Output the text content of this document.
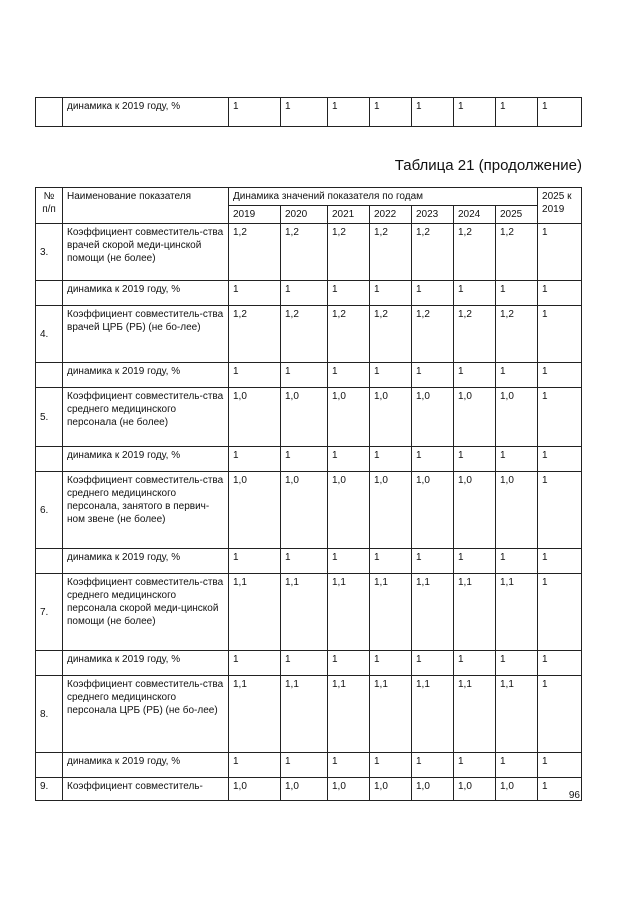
	динамика к 2019 году, %	1	1	1	1	1	1	1	1
Таблица 21 (продолжение)
№ п/п	Наименование показателя	Динамика значений показателя по годам							2025 к 2019
		2019	2020	2021	2022	2023	2024	2025	
3.	Коэффициент совместитель-ства врачей скорой меди-цинской помощи (не более)	1,2	1,2	1,2	1,2	1,2	1,2	1,2	1
	динамика к 2019 году, %	1	1	1	1	1	1	1	1
4.	Коэффициент совместитель-ства врачей ЦРБ (РБ) (не бо-лее)	1,2	1,2	1,2	1,2	1,2	1,2	1,2	1
	динамика к 2019 году, %	1	1	1	1	1	1	1	1
5.	Коэффициент совместитель-ства среднего медицинского персонала (не более)	1,0	1,0	1,0	1,0	1,0	1,0	1,0	1
	динамика к 2019 году, %	1	1	1	1	1	1	1	1
6.	Коэффициент совместитель-ства среднего медицинского персонала, занятого в первич-ном звене (не более)	1,0	1,0	1,0	1,0	1,0	1,0	1,0	1
	динамика к 2019 году, %	1	1	1	1	1	1	1	1
7.	Коэффициент совместитель-ства среднего медицинского персонала скорой меди-цинской помощи (не более)	1,1	1,1	1,1	1,1	1,1	1,1	1,1	1
	динамика к 2019 году, %	1	1	1	1	1	1	1	1
8.	Коэффициент совместитель-ства среднего медицинского персонала ЦРБ (РБ) (не бо-лее)	1,1	1,1	1,1	1,1	1,1	1,1	1,1	1
	динамика к 2019 году, %	1	1	1	1	1	1	1	1
9.	Коэффициент совместитель-	1,0	1,0	1,0	1,0	1,0	1,0	1,0	1
96
